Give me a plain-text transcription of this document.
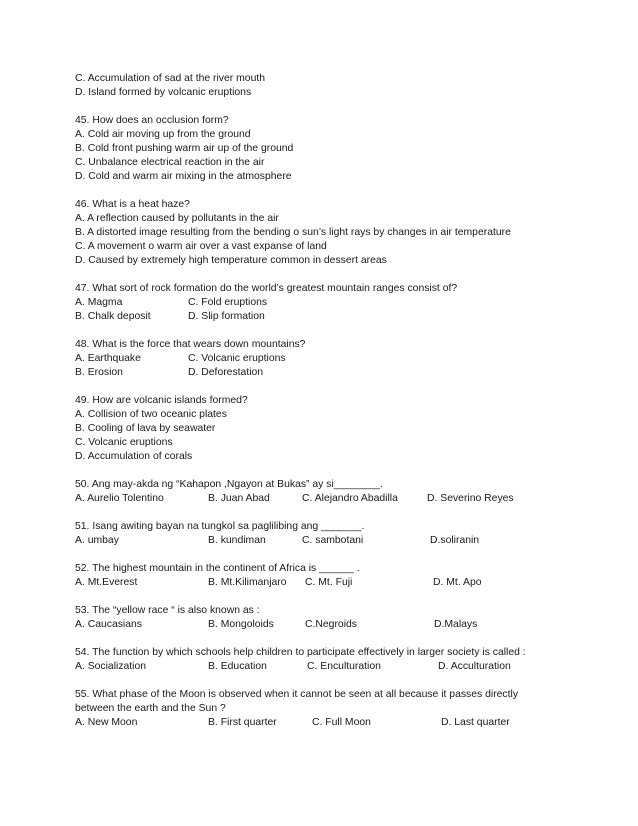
C. Accumulation of sad at the river mouth
D. Island formed by volcanic eruptions
45. How does an occlusion form?
A. Cold air moving up from the ground
B. Cold front pushing warm air up of the ground
C. Unbalance electrical reaction in the air
D. Cold and warm air mixing in the atmosphere
46. What is a heat haze?
A. A reflection caused by pollutants in the air
B. A distorted image resulting from the bending o sun’s light rays by changes in air temperature
C. A movement o warm air over a vast expanse of land
D. Caused by extremely high temperature common in dessert areas
47. What sort of rock formation do the world’s greatest mountain ranges consist of?
A. Magma	C. Fold eruptions
B. Chalk deposit	D. Slip formation
48. What is the force that wears down mountains?
A. Earthquake	C. Volcanic eruptions
B. Erosion	D. Deforestation
49. How are volcanic islands formed?
A. Collision of two oceanic plates
B. Cooling of lava by seawater
C. Volcanic eruptions
D. Accumulation of corals
50. Ang may-akda ng “Kahapon ,Ngayon at Bukas” ay si________.
A. Aurelio Tolentino	B. Juan Abad	C. Alejandro Abadilla	D. Severino Reyes
51. Isang awiting bayan na tungkol sa paglilibing ang _______.
A. umbay	B. kundiman	C. sambotani	D.soliranin
52. The highest mountain in the continent of Africa is ______ .
A. Mt.Everest	B. Mt.Kilimanjaro C. Mt. Fuji	D. Mt. Apo
53. The “yellow race “ is also known as :
A. Caucasians	B. Mongoloids	C.Negroids	D.Malays
54. The function by which schools help children to participate effectively in larger society is called :
A. Socialization	B. Education	C. Enculturation	D. Acculturation
55. What phase of the Moon is observed when it cannot be seen at all because it passes directly
between the earth and the Sun ?
A. New Moon	B. First quarter	C. Full Moon	D. Last quarter
